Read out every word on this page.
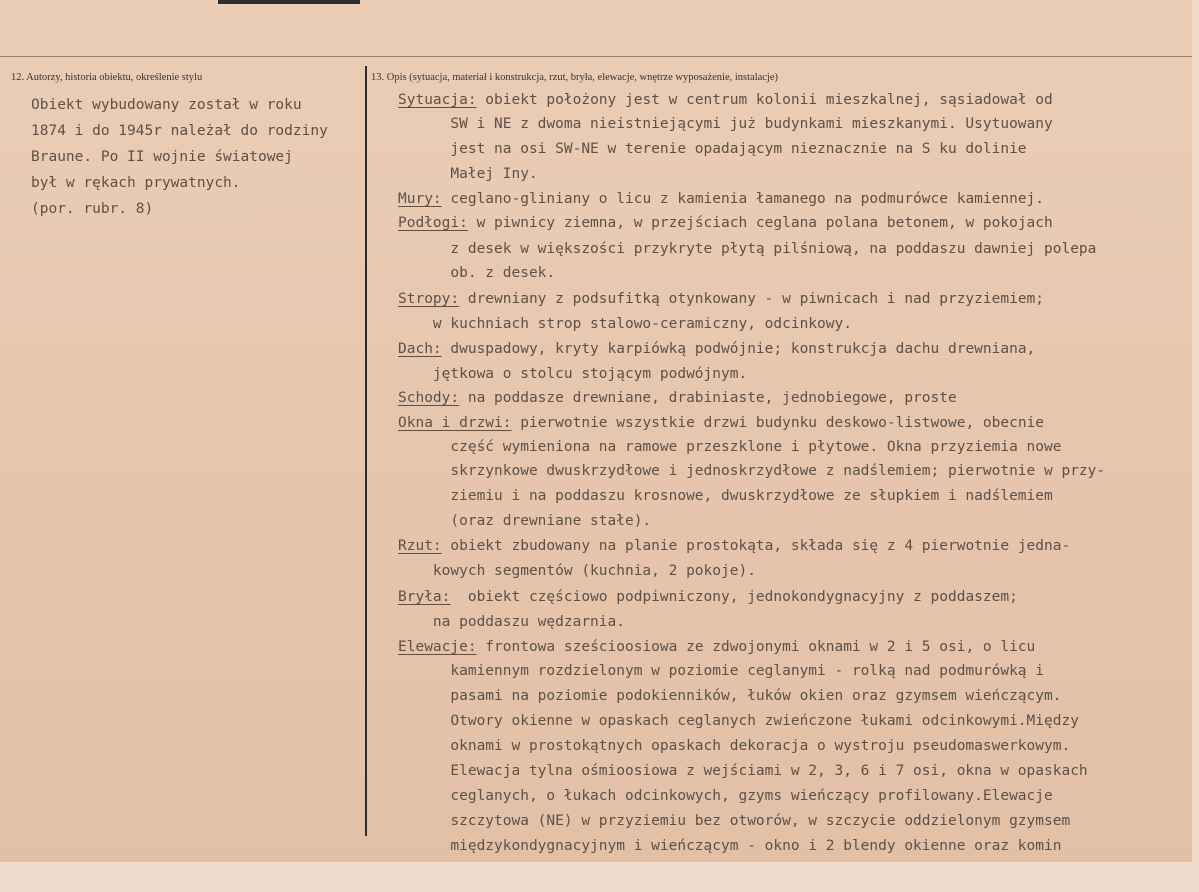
12. Autorzy, historia obiektu, określenie stylu	13. Opis (sytuacja, materiał i konstrukcja, rzut, bryła, elewacje, wnętrze wyposażenie, instalacje)
Obiekt wybudowany został w roku
1874 i do 1945r należał do rodziny
Braune. Po II wojnie światowej
był w rękach prywatnych.
(por. rubr. 8)
Sytuacja: obiekt położony jest w centrum kolonii mieszkalnej, sąsiadował od
SW i NE z dwoma nieistniejącymi już budynkami mieszkanymi. Usytuowany
jest na osi SW-NE w terenie opadającym nieznacznie na S ku dolinie
Małej Iny.
Mury: ceglano-gliniany o licu z kamienia łamanego na podmurówce kamiennej.
Podłogi: w piwnicy ziemna, w przejściach ceglana polana betonem, w pokojach
z desek w większości przykryte płytą pilśniową, na poddaszu dawniej polepa
ob. z desek.
Stropy: drewniany z podsufitką otynkowany - w piwnicach i nad przyziemiem;
w kuchniach strop stalowo-ceramiczny, odcinkowy.
Dach: dwuspadowy, kryty karpiówką podwójnie; konstrukcja dachu drewniana,
jętkowa o stolcu stojącym podwójnym.
Schody: na poddasze drewniane, drabiniaste, jednobiegowe, proste
Okna i drzwi: pierwotnie wszystkie drzwi budynku deskowo-listwowe, obecnie
część wymieniona na ramowe przeszklone i płytowe. Okna przyziemia nowe
skrzynkowe dwuskrzydłowe i jednoskrzydłowe z nadślemiem; pierwotnie w przy-
ziemiu i na poddaszu krosnowe, dwuskrzydłowe ze słupkiem i nadślemiem
(oraz drewniane stałe).
Rzut: obiekt zbudowany na planie prostokąta, składa się z 4 pierwotnie jedna-
kowych segmentów (kuchnia, 2 pokoje).
Bryła:  obiekt częściowo podpiwniczony, jednokondygnacyjny z poddaszem;
na poddaszu wędzarnia.
Elewacje: frontowa sześcioosiowa ze zdwojonymi oknami w 2 i 5 osi, o licu
kamiennym rozdzielonym w poziomie ceglanymi - rolką nad podmurówką i
pasami na poziomie podokienników, łuków okien oraz gzymsem wieńczącym.
Otwory okienne w opaskach ceglanych zwieńczone łukami odcinkowymi.Między
oknami w prostokątnych opaskach dekoracja o wystroju pseudomaswerkowym.
Elewacja tylna ośmioosiowa z wejściami w 2, 3, 6 i 7 osi, okna w opaskach
ceglanych, o łukach odcinkowych, gzyms wieńczący profilowany.Elewacje
szczytowa (NE) w przyziemiu bez otworów, w szczycie oddzielonym gzymsem
międzykondygnacyjnym i wieńczącym - okno i 2 blendy okienne oraz komin
